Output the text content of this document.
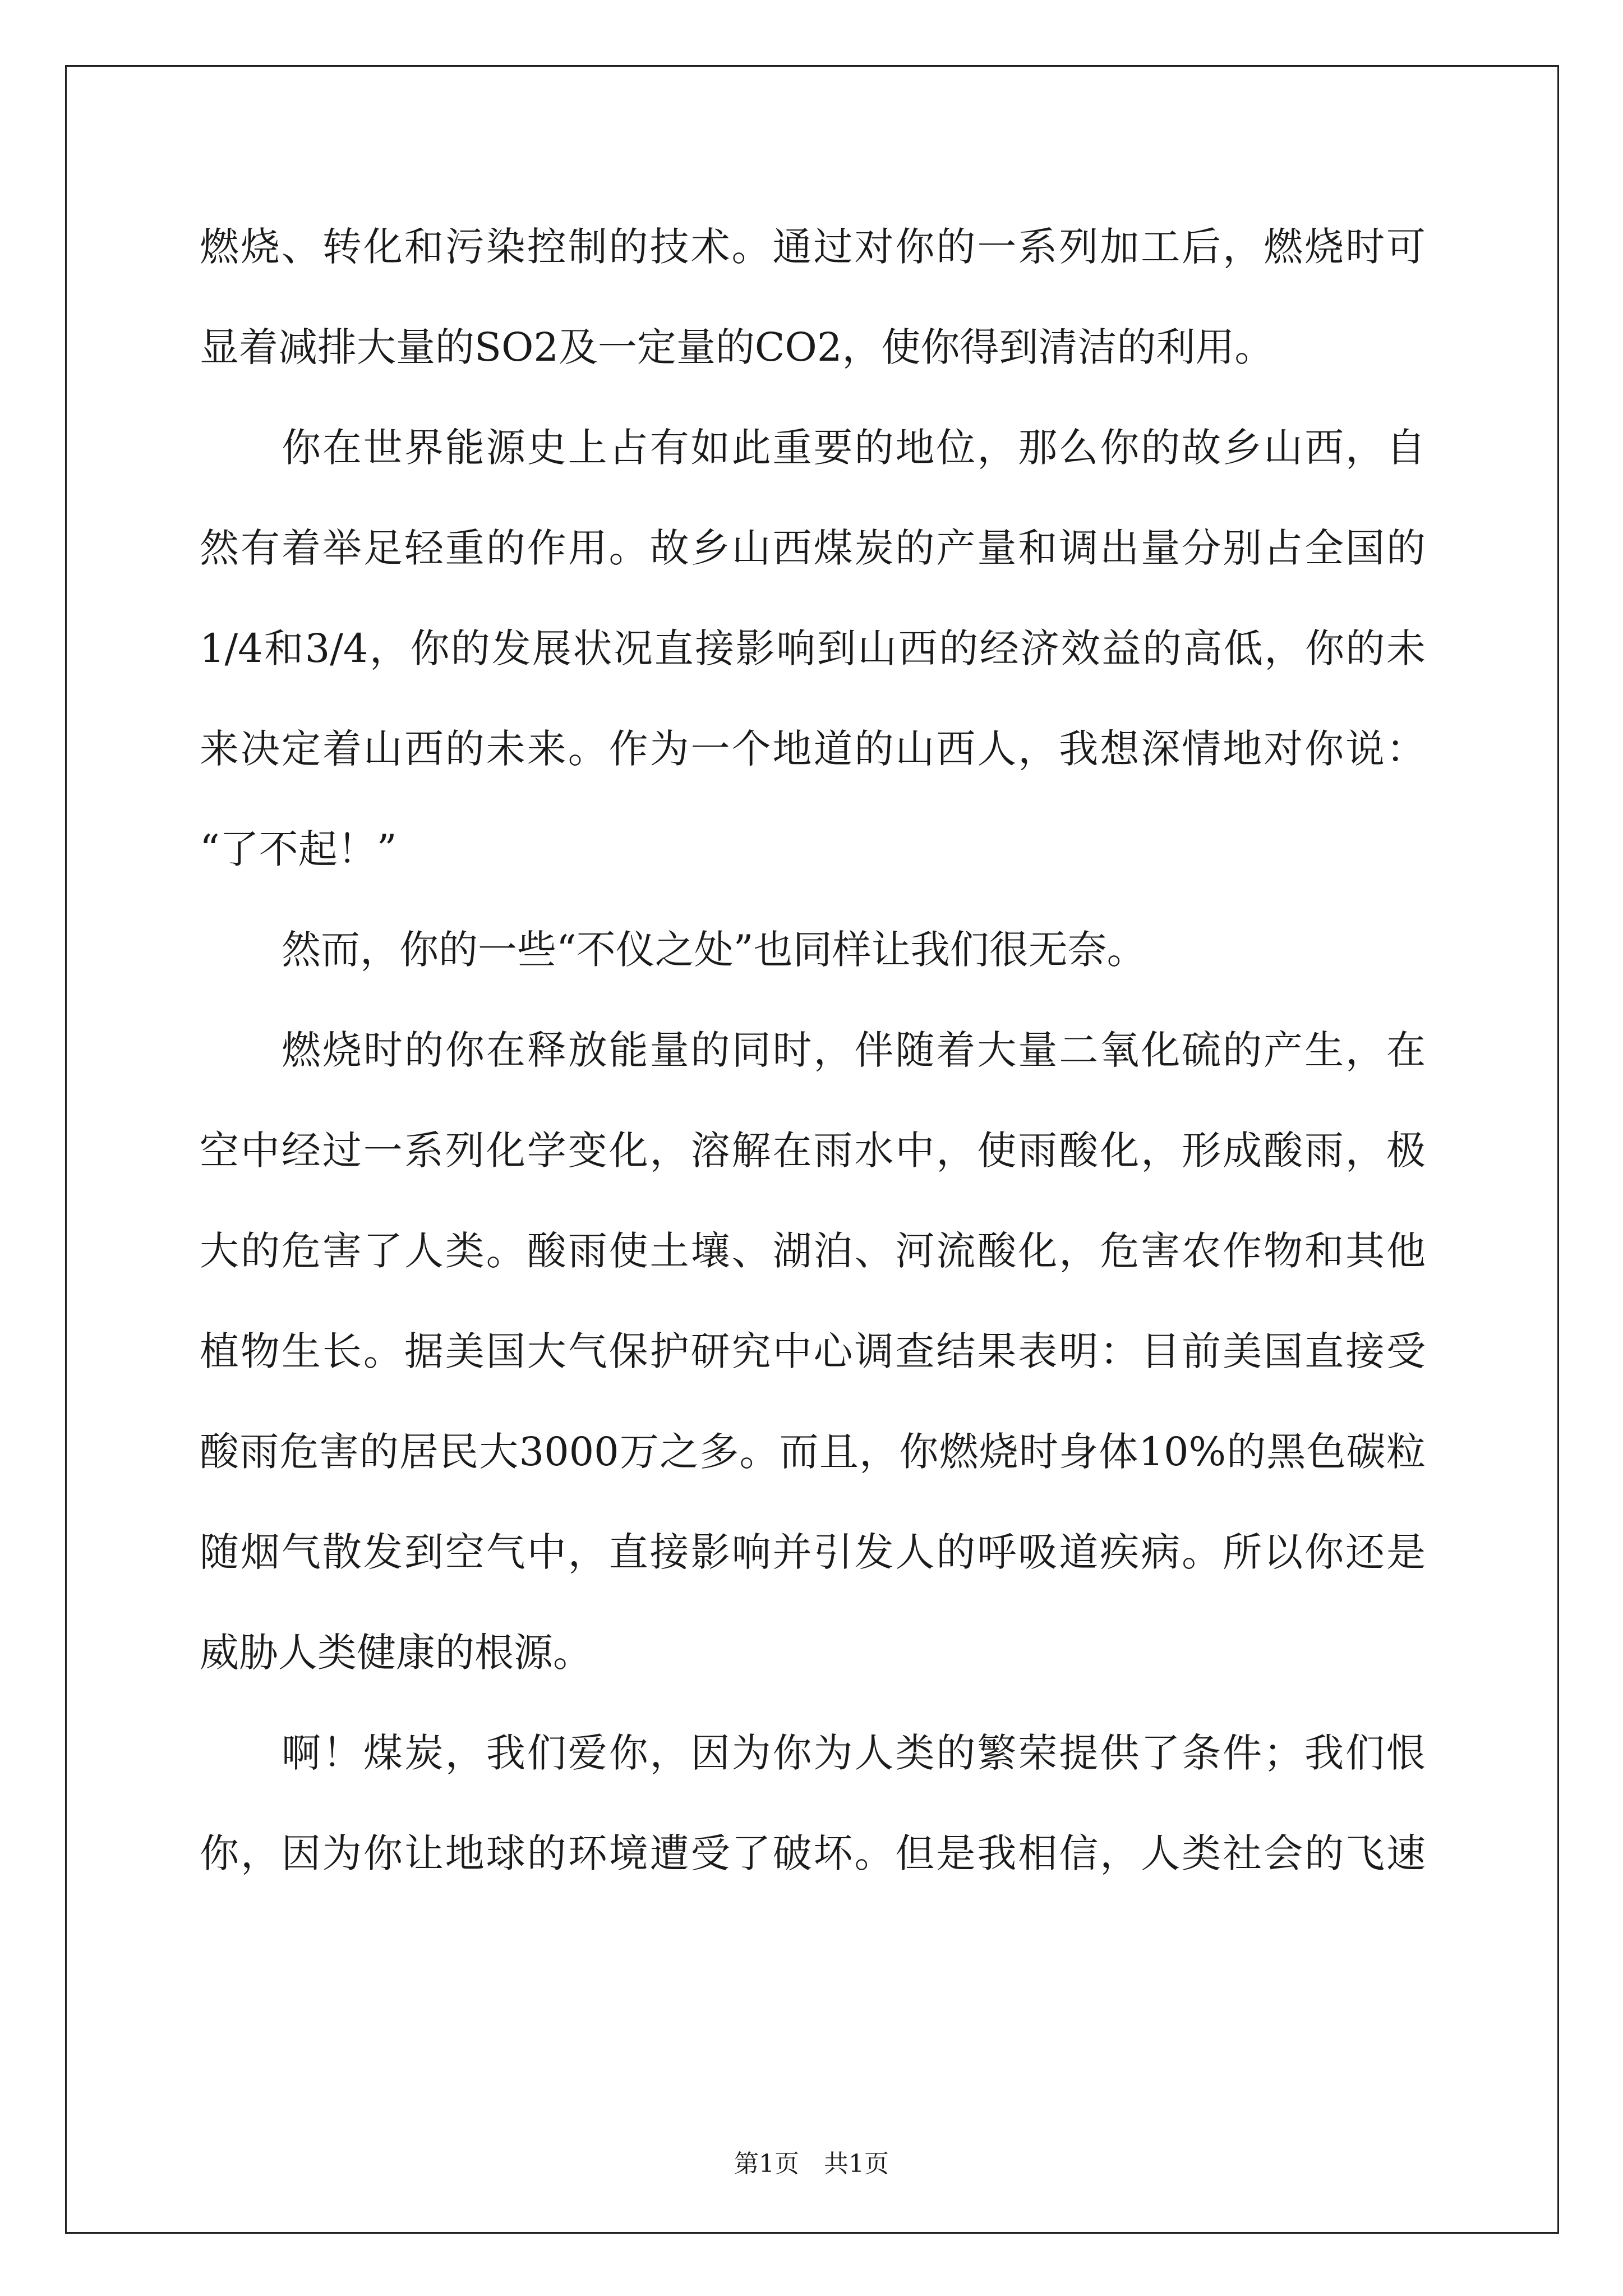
燃烧、转化和污染控制的技术。通过对你的一系列加工后，燃烧时可
显着减排大量的SO2及一定量的CO2，使你得到清洁的利用。
你在世界能源史上占有如此重要的地位，那么你的故乡山西，自
然有着举足轻重的作用。故乡山西煤炭的产量和调出量分别占全国的
1/4和3/4，你的发展状况直接影响到山西的经济效益的高低，你的未
来决定着山西的未来。作为一个地道的山西人，我想深情地对你说：
“了不起！”
然而，你的一些“不仪之处”也同样让我们很无奈。
燃烧时的你在释放能量的同时，伴随着大量二氧化硫的产生，在
空中经过一系列化学变化，溶解在雨水中，使雨酸化，形成酸雨，极
大的危害了人类。酸雨使土壤、湖泊、河流酸化，危害农作物和其他
植物生长。据美国大气保护研究中心调查结果表明：目前美国直接受
酸雨危害的居民大3000万之多。而且，你燃烧时身体10%的黑色碳粒
随烟气散发到空气中，直接影响并引发人的呼吸道疾病。所以你还是
威胁人类健康的根源。
啊！煤炭，我们爱你，因为你为人类的繁荣提供了条件；我们恨
你，因为你让地球的环境遭受了破坏。但是我相信，人类社会的飞速
第1页　共1页
